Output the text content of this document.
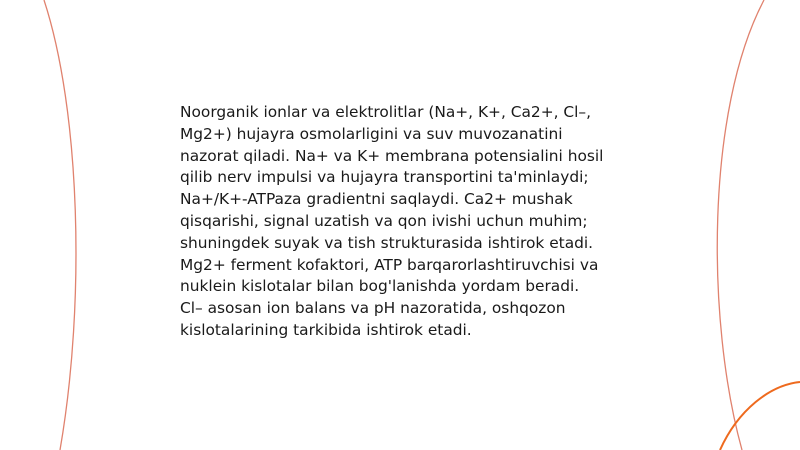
Noorganik ionlar va elektrolitlar (Na+, K+, Ca2+, Cl–,
Mg2+) hujayra osmolarligini va suv muvozanatini
nazorat qiladi. Na+ va K+ membrana potensialini hosil
qilib nerv impulsi va hujayra transportini ta'minlaydi;
Na+/K+-ATPaza gradientni saqlaydi. Ca2+ mushak
qisqarishi, signal uzatish va qon ivishi uchun muhim;
shuningdek suyak va tish strukturasida ishtirok etadi.
Mg2+ ferment kofaktori, ATP barqarorlashtiruvchisi va
nuklein kislotalar bilan bog'lanishda yordam beradi.
Cl– asosan ion balans va pH nazoratida, oshqozon
kislotalarining tarkibida ishtirok etadi.
